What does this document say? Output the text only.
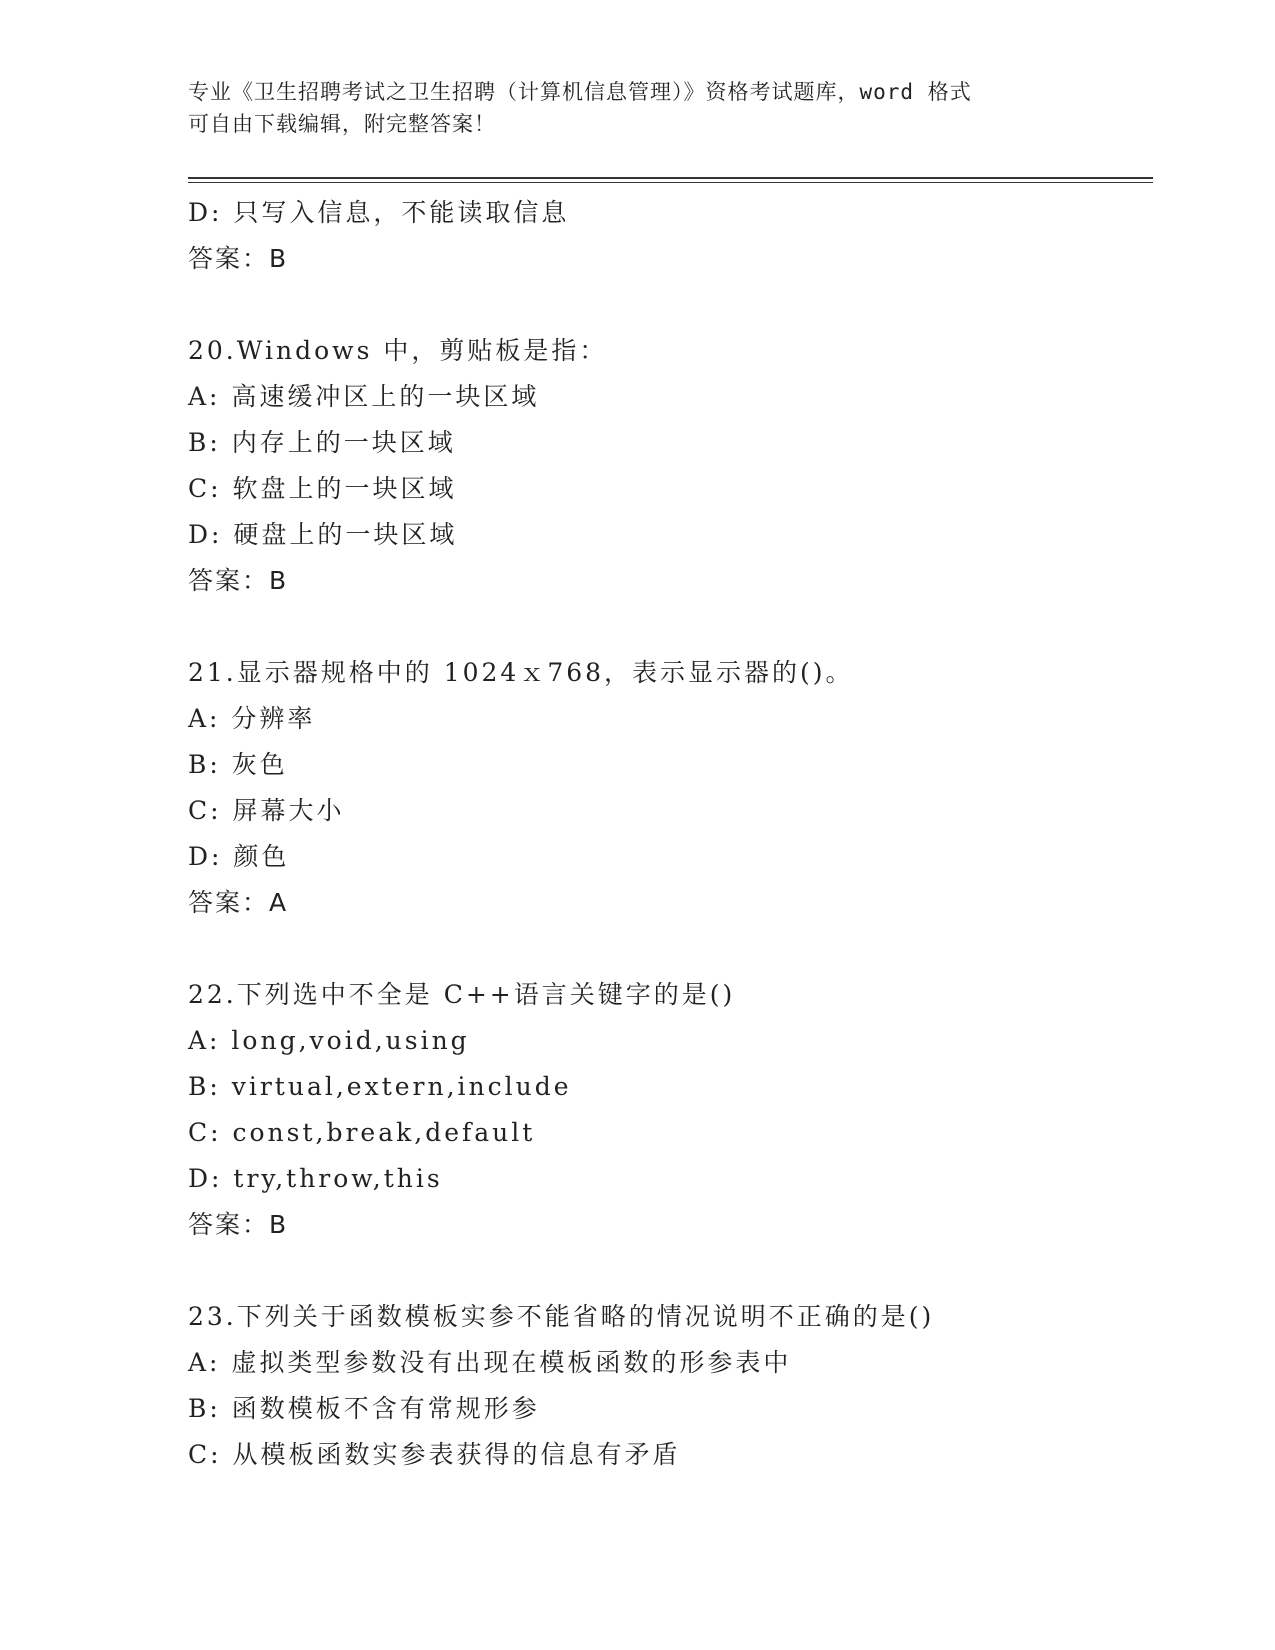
专业《卫生招聘考试之卫生招聘（计算机信息管理）》资格考试题库，word 格式
可自由下载编辑，附完整答案！
D: 只写入信息，不能读取信息
答案：B
20.Windows 中，剪贴板是指：
A: 高速缓冲区上的一块区域
B: 内存上的一块区域
C: 软盘上的一块区域
D: 硬盘上的一块区域
答案：B
21.显示器规格中的 1024ｘ768，表示显示器的()。
A: 分辨率
B: 灰色
C: 屏幕大小
D: 颜色
答案：A
22.下列选中不全是 C++语言关键字的是()
A: long,void,using
B: virtual,extern,include
C: const,break,default
D: try,throw,this
答案：B
23.下列关于函数模板实参不能省略的情况说明不正确的是()
A: 虚拟类型参数没有出现在模板函数的形参表中
B: 函数模板不含有常规形参
C: 从模板函数实参表获得的信息有矛盾
